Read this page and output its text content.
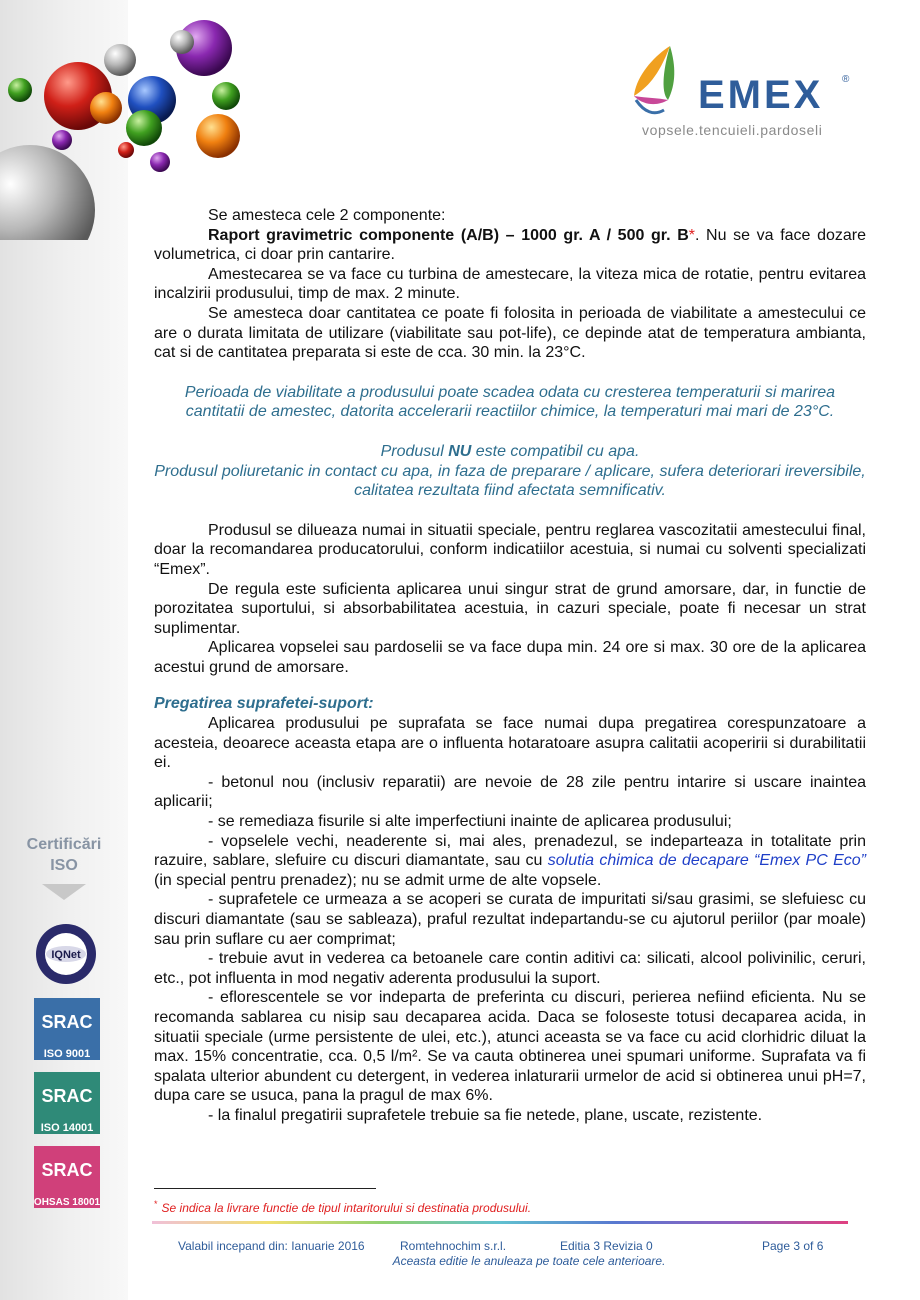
EMEX ®
vopsele.tencuieli.pardoseli
Certificări
ISO
IQNet
SRAC
ISO 9001
SRAC
ISO 14001
SRAC
OHSAS 18001

Se amesteca cele 2 componente:

Raport gravimetric componente (A/B) – 1000 gr. A / 500 gr. B*. Nu se va face dozare volumetrica, ci doar prin cantarire.

Amestecarea se va face cu turbina de amestecare, la viteza mica de rotatie, pentru evitarea incalzirii produsului, timp de max. 2 minute.

Se amesteca doar cantitatea ce poate fi folosita in perioada de viabilitate a amestecului ce are o durata limitata de utilizare (viabilitate sau pot-life), ce depinde atat de temperatura ambianta, cat si de cantitatea preparata si este de cca. 30 min. la 23°C.

Perioada de viabilitate a produsului poate scadea odata cu cresterea temperaturii si marirea cantitatii de amestec, datorita accelerarii reactiilor chimice, la temperaturi mai mari de 23°C.

Produsul NU este compatibil cu apa.

Produsul poliuretanic in contact cu apa, in faza de preparare / aplicare, sufera deteriorari ireversibile, calitatea rezultata fiind afectata semnificativ.

Produsul se dilueaza numai in situatii speciale, pentru reglarea vascozitatii amestecului final, doar la recomandarea producatorului, conform indicatiilor acestuia, si numai cu solventi specializati “Emex”.

De regula este suficienta aplicarea unui singur strat de grund amorsare, dar, in functie de porozitatea suportului, si absorbabilitatea acestuia, in cazuri speciale, poate fi necesar un strat suplimentar.

Aplicarea vopselei sau pardoselii se va face dupa min. 24 ore si max. 30 ore de la aplicarea acestui grund de amorsare.

Pregatirea suprafetei-suport:

Aplicarea produsului pe suprafata se face numai dupa pregatirea corespunzatoare a acesteia, deoarece aceasta etapa are o influenta hotaratoare asupra calitatii acoperirii si durabilitatii ei.

- betonul nou (inclusiv reparatii) are nevoie de 28 zile pentru intarire si uscare inaintea aplicarii;

- se remediaza fisurile si alte imperfectiuni inainte de aplicarea produsului;

- vopselele vechi, neaderente si, mai ales, prenadezul, se indeparteaza in totalitate prin razuire, sablare, slefuire cu discuri diamantate, sau cu solutia chimica de decapare “Emex PC Eco” (in special pentru prenadez); nu se admit urme de alte vopsele.

- suprafetele ce urmeaza a se acoperi se curata de impuritati si/sau grasimi, se slefuiesc cu discuri diamantate (sau se sableaza), praful rezultat indepartandu-se cu ajutorul periilor (par moale) sau prin suflare cu aer comprimat;

- trebuie avut in vederea ca betoanele care contin aditivi ca: silicati, alcool polivinilic, ceruri, etc., pot influenta in mod negativ aderenta produsului la suport.

- eflorescentele se vor indeparta de preferinta cu discuri, perierea nefiind eficienta. Nu se recomanda sablarea cu nisip sau decaparea acida. Daca se foloseste totusi decaparea acida, in situatii speciale (urme persistente de ulei, etc.), atunci aceasta se va face cu acid clorhidric diluat la max. 15% concentratie, cca. 0,5 l/m². Se va cauta obtinerea unei spumari uniforme. Suprafata va fi spalata ulterior abundent cu detergent, in vederea inlaturarii urmelor de acid si obtinerea unui pH=7, dupa care se usuca, pana la pragul de max 6%.

- la finalul pregatirii suprafetele trebuie sa fie netede, plane, uscate, rezistente.

* Se indica la livrare functie de tipul intaritorului si destinatia produsului.
Valabil incepand din: Ianuarie 2016	Romtehnochim s.r.l.	Editia 3 Revizia 0	Page 3 of 6
Aceasta editie le anuleaza pe toate cele anterioare.
